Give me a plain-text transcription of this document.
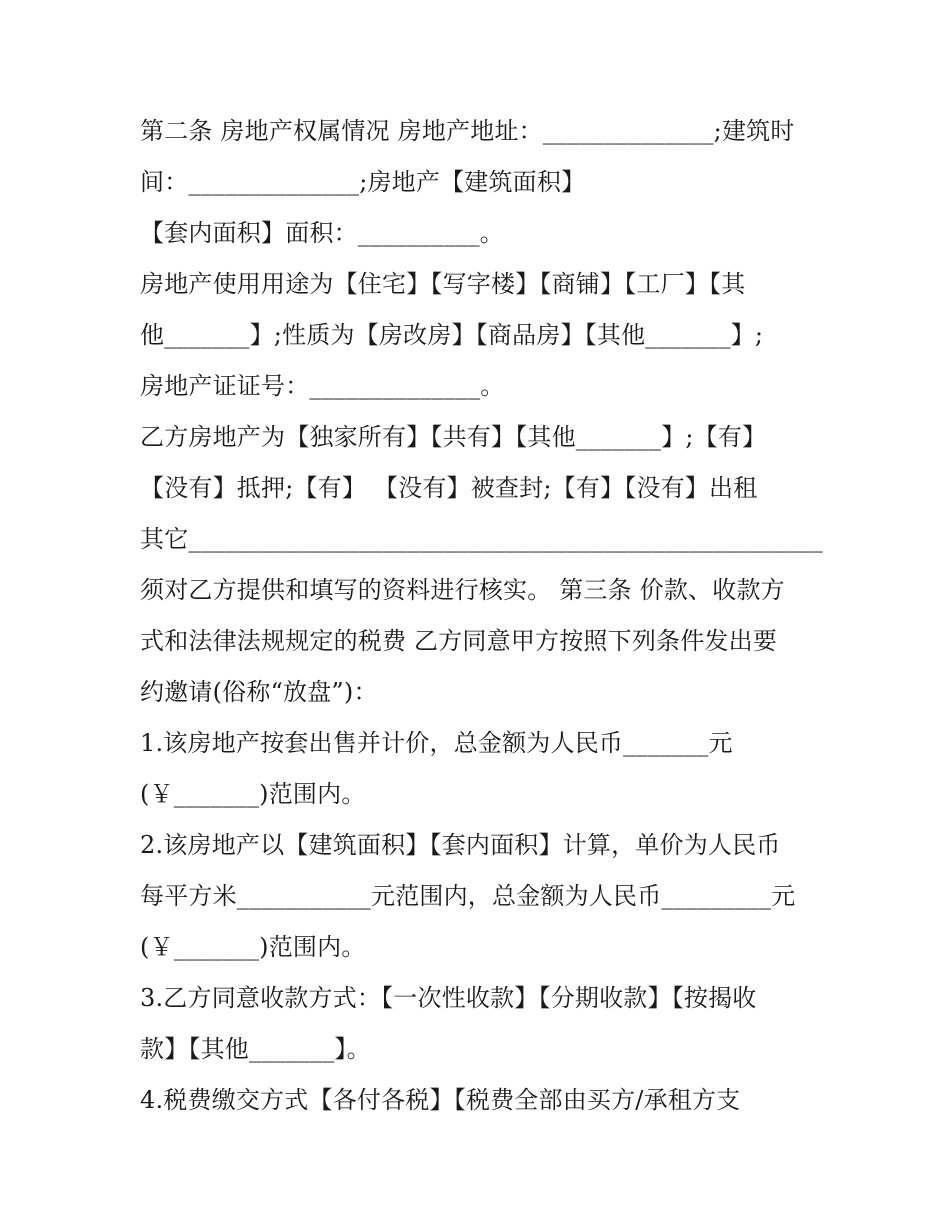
第二条 房地产权属情况 房地产地址：______________;建筑时
间：______________;房地产【建筑面积】
【套内面积】面积：__________。
房地产使用用途为【住宅】【写字楼】【商铺】【工厂】【其
他_______】;性质为【房改房】【商品房】【其他_______】;
房地产证证号：______________。
乙方房地产为【独家所有】【共有】【其他_______】;【有】
【没有】抵押;【有】 【没有】被查封;【有】【没有】出租
其它____________________________________________________
须对乙方提供和填写的资料进行核实。 第三条 价款、收款方
式和法律法规规定的税费 乙方同意甲方按照下列条件发出要
约邀请(俗称“放盘”)：
1.该房地产按套出售并计价，总金额为人民币_______元
(￥_______)范围内。
2.该房地产以【建筑面积】【套内面积】计算，单价为人民币
每平方米___________元范围内，总金额为人民币_________元
(￥_______)范围内。
3.乙方同意收款方式：【一次性收款】【分期收款】【按揭收
款】【其他_______】。
4.税费缴交方式【各付各税】【税费全部由买方/承租方支
